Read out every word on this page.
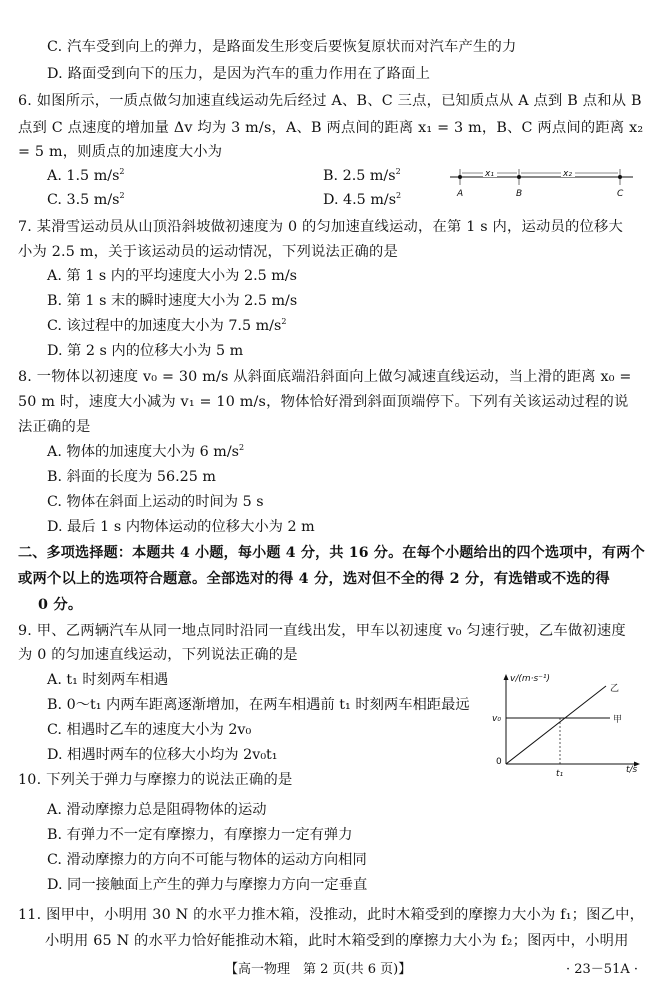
C. 汽车受到向上的弹力，是路面发生形变后要恢复原状而对汽车产生的力
D. 路面受到向下的压力，是因为汽车的重力作用在了路面上
6. 如图所示，一质点做匀加速直线运动先后经过 A、B、C 三点，已知质点从 A 点到 B 点和从 B
点到 C 点速度的增加量 Δv 均为 3 m/s，A、B 两点间的距离 x₁ = 3 m，B、C 两点间的距离 x₂
= 5 m，则质点的加速度大小为
A. 1.5 $m/s^2$	B. 2.5 $m/s^2$
C. 3.5 $m/s^2$	D. 4.5 $m/s^2$
x₁	x₂
A	B	C
7. 某滑雪运动员从山顶沿斜坡做初速度为 0 的匀加速直线运动，在第 1 s 内，运动员的位移大
小为 2.5 m，关于该运动员的运动情况，下列说法正确的是
A. 第 1 s 内的平均速度大小为 2.5 m/s
B. 第 1 s 末的瞬时速度大小为 2.5 m/s
C. 该过程中的加速度大小为 7.5 $m/s^2$
D. 第 2 s 内的位移大小为 5 m
8. 一物体以初速度 v₀ = 30 m/s 从斜面底端沿斜面向上做匀减速直线运动，当上滑的距离 x₀ =
50 m 时，速度大小减为 v₁ = 10 m/s，物体恰好滑到斜面顶端停下。下列有关该运动过程的说
法正确的是
A. 物体的加速度大小为 6 $m/s^2$
B. 斜面的长度为 56.25 m
C. 物体在斜面上运动的时间为 5 s
D. 最后 1 s 内物体运动的位移大小为 2 m
二、多项选择题：本题共 4 小题，每小题 4 分，共 16 分。在每个小题给出的四个选项中，有两个
或两个以上的选项符合题意。全部选对的得 4 分，选对但不全的得 2 分，有选错或不选的得
0 分。
9. 甲、乙两辆汽车从同一地点同时沿同一直线出发，甲车以初速度 v₀ 匀速行驶，乙车做初速度
为 0 的匀加速直线运动，下列说法正确的是
A. t₁ 时刻两车相遇
B. 0～t₁ 内两车距离逐渐增加，在两车相遇前 t₁ 时刻两车相距最远
C. 相遇时乙车的速度大小为 2v₀
D. 相遇时两车的位移大小均为 2v₀t₁
v/(m·s⁻¹)
t/s
乙
甲
v₀
0
t₁
10. 下列关于弹力与摩擦力的说法正确的是
A. 滑动摩擦力总是阻碍物体的运动
B. 有弹力不一定有摩擦力，有摩擦力一定有弹力
C. 滑动摩擦力的方向不可能与物体的运动方向相同
D. 同一接触面上产生的弹力与摩擦力方向一定垂直
11. 图甲中，小明用 30 N 的水平力推木箱，没推动，此时木箱受到的摩擦力大小为 f₁；图乙中，
小明用 65 N 的水平力恰好能推动木箱，此时木箱受到的摩擦力大小为 f₂；图丙中，小明用
【高一物理　第 2 页(共 6 页)】	· 23－51A ·
